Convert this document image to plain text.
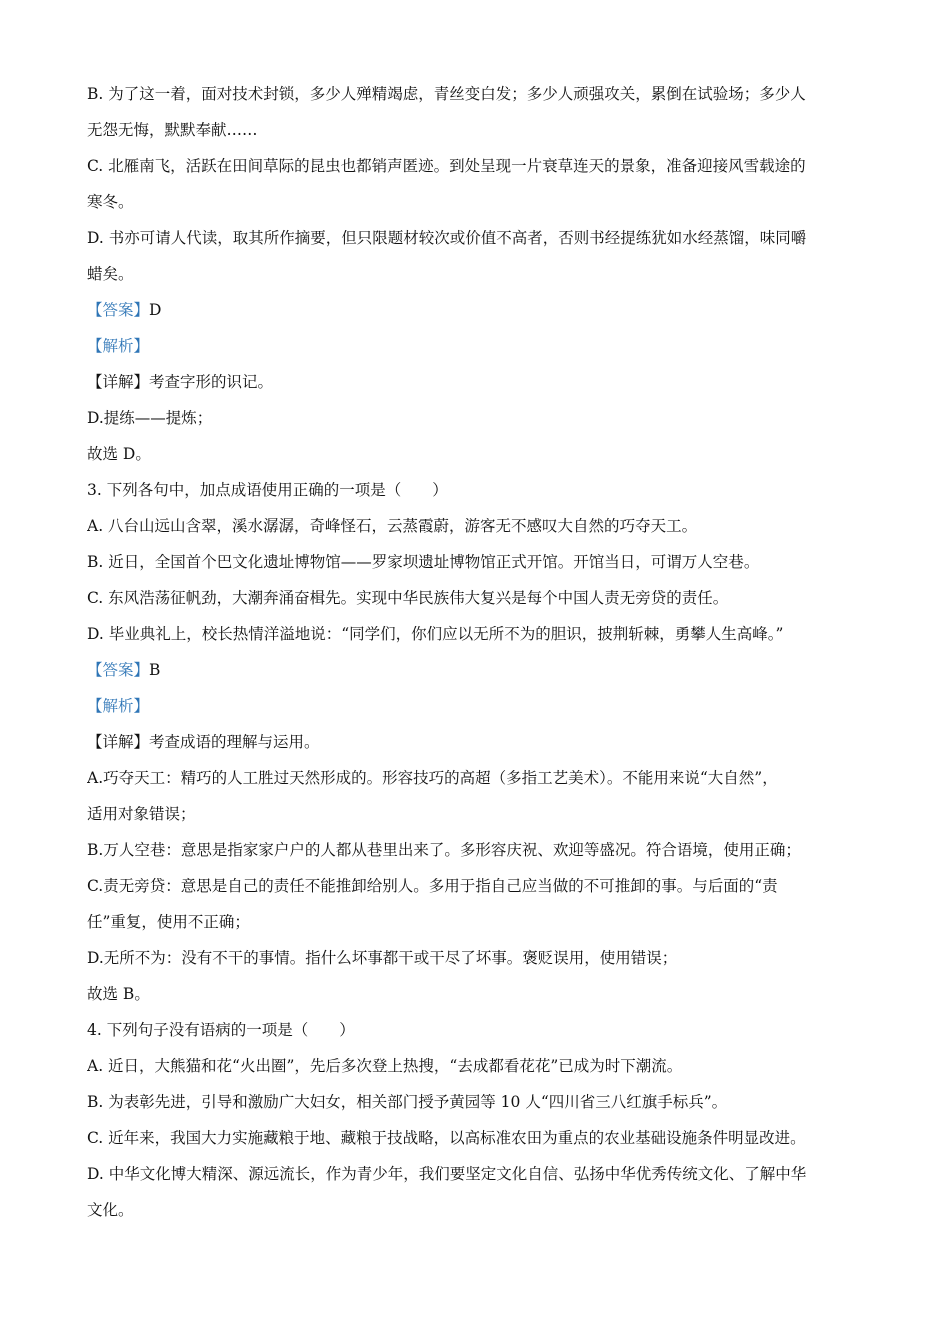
B. 为了这一着，面对技术封锁，多少人殚精竭虑，青丝变白发；多少人顽强攻关，累倒在试验场；多少人
无怨无悔，默默奉献……
C. 北雁南飞，活跃在田间草际的昆虫也都销声匿迹。到处呈现一片衰草连天的景象，准备迎接风雪载途的
寒冬。
D. 书亦可请人代读，取其所作摘要，但只限题材较次或价值不高者，否则书经提练犹如水经蒸馏，味同嚼
蜡矣。
【答案】D
【解析】
【详解】考查字形的识记。
D.提练——提炼；
故选 D。
3. 下列各句中，加点成语使用正确的一项是（　　）
A. 八台山远山含翠，溪水潺潺，奇峰怪石，云蒸霞蔚，游客无不感叹大自然的巧夺天工。
B. 近日，全国首个巴文化遗址博物馆——罗家坝遗址博物馆正式开馆。开馆当日，可谓万人空巷。
C. 东风浩荡征帆劲，大潮奔涌奋楫先。实现中华民族伟大复兴是每个中国人责无旁贷的责任。
D. 毕业典礼上，校长热情洋溢地说：“同学们，你们应以无所不为的胆识，披荆斩棘，勇攀人生高峰。”
【答案】B
【解析】
【详解】考查成语的理解与运用。
A.巧夺天工：精巧的人工胜过天然形成的。形容技巧的高超（多指工艺美术）。不能用来说“大自然”，
适用对象错误；
B.万人空巷：意思是指家家户户的人都从巷里出来了。多形容庆祝、欢迎等盛况。符合语境，使用正确；
C.责无旁贷：意思是自己的责任不能推卸给别人。多用于指自己应当做的不可推卸的事。与后面的“责
任”重复，使用不正确；
D.无所不为：没有不干的事情。指什么坏事都干或干尽了坏事。褒贬误用，使用错误；
故选 B。
4. 下列句子没有语病的一项是（　　）
A. 近日，大熊猫和花“火出圈”，先后多次登上热搜，“去成都看花花”已成为时下潮流。
B. 为表彰先进，引导和激励广大妇女，相关部门授予黄园等 10 人“四川省三八红旗手标兵”。
C. 近年来，我国大力实施藏粮于地、藏粮于技战略，以高标准农田为重点的农业基础设施条件明显改进。
D. 中华文化博大精深、源远流长，作为青少年，我们要坚定文化自信、弘扬中华优秀传统文化、了解中华
文化。
